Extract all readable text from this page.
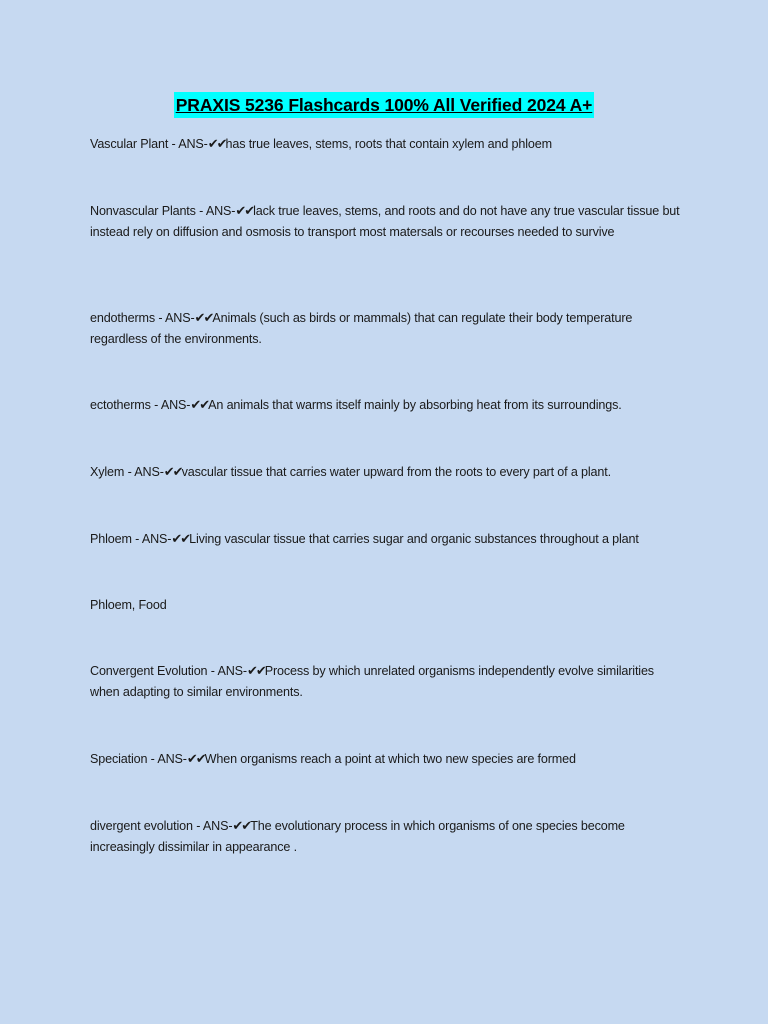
PRAXIS 5236 Flashcards 100% All Verified 2024 A+
Vascular Plant - ANS-✔✔has true leaves, stems, roots that contain xylem and phloem
Nonvascular Plants - ANS-✔✔lack true leaves, stems, and roots and do not have any true vascular tissue but instead rely on diffusion and osmosis to transport most matersals or recourses needed to survive
endotherms - ANS-✔✔Animals (such as birds or mammals) that can regulate their body temperature regardless of the environments.
ectotherms - ANS-✔✔An animals that warms itself mainly by absorbing heat from its surroundings.
Xylem - ANS-✔✔vascular tissue that carries water upward from the roots to every part of a plant.
Phloem - ANS-✔✔Living vascular tissue that carries sugar and organic substances throughout a plant
Phloem, Food
Convergent Evolution - ANS-✔✔Process by which unrelated organisms independently evolve similarities when adapting to similar environments.
Speciation - ANS-✔✔When organisms reach a point at which two new species are formed
divergent evolution - ANS-✔✔The evolutionary process in which organisms of one species become increasingly dissimilar in appearance .
